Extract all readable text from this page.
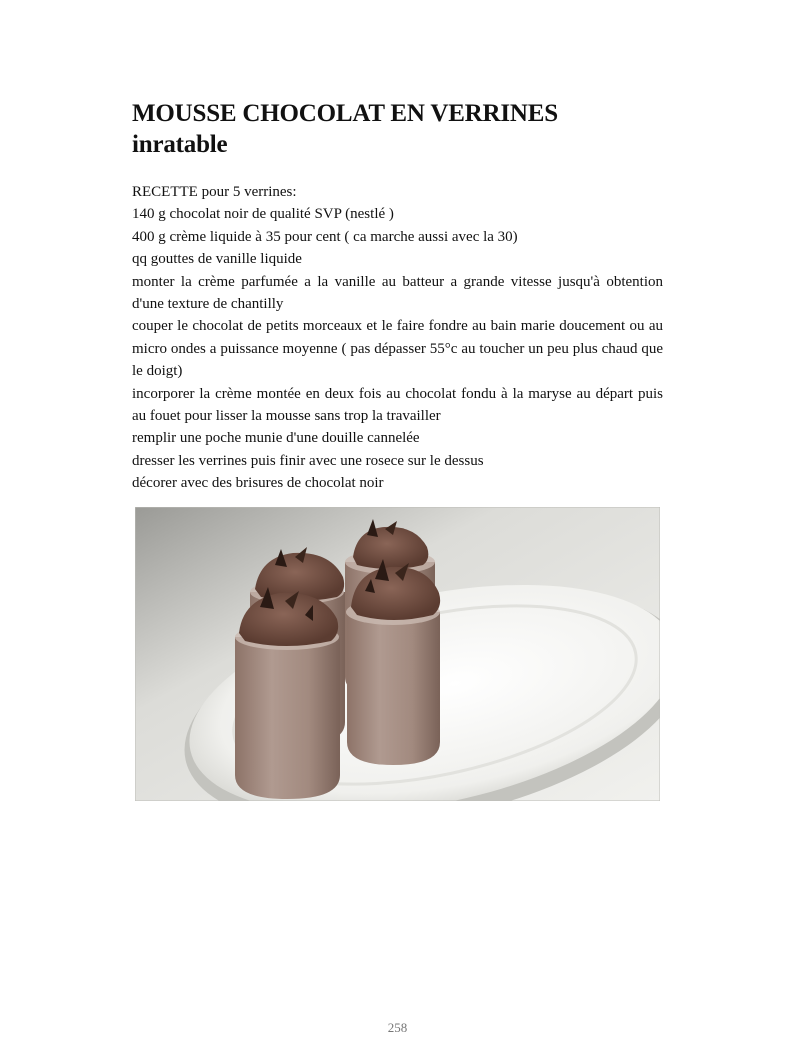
MOUSSE CHOCOLAT EN VERRINES
inratable

RECETTE pour 5 verrines:

140 g chocolat noir de qualité SVP (nestlé )

400 g crème liquide à 35 pour cent ( ca marche aussi avec la 30)

qq gouttes de vanille liquide

monter la crème parfumée a la vanille au batteur a grande vitesse jusqu'à obtention d'une texture de chantilly

couper le chocolat de petits morceaux et le faire fondre au bain marie doucement ou au micro ondes a puissance moyenne ( pas dépasser 55°c au toucher un peu plus chaud que le doigt)

incorporer la crème montée en deux fois au chocolat fondu à la maryse au départ puis au fouet pour lisser la mousse sans trop la travailler

remplir une poche munie d'une douille cannelée

dresser les verrines puis finir avec une rosece sur le dessus

décorer avec des brisures de chocolat noir

258
